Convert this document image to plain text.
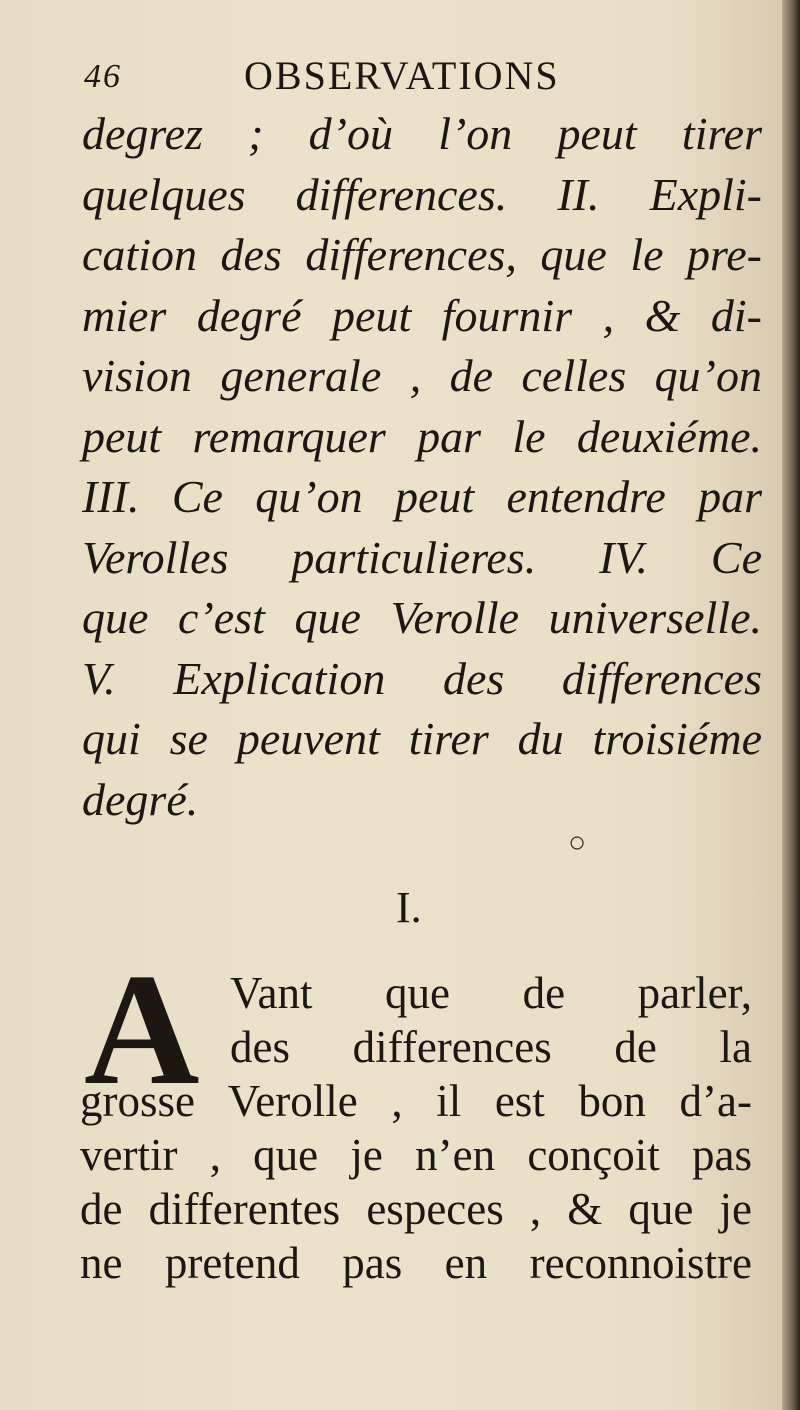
46	OBSERVATIONS
degrez ; d’où l’on peut tirer
quelques differences. II. Expli-
cation des differences, que le pre-
mier degré peut fournir , & di-
vision generale , de celles qu’on
peut remarquer par le deuxiéme.
III. Ce qu’on peut entendre par
Verolles particulieres. IV. Ce
que c’est que Verolle universelle.
V. Explication des differences
qui se peuvent tirer du troisiéme
degré.
○
I.
A Vant que de parler,
des differences de la
grosse Verolle , il est bon d’a-
vertir , que je n’en conçoit pas
de differentes especes , & que je
ne pretend pas en reconnoistre
